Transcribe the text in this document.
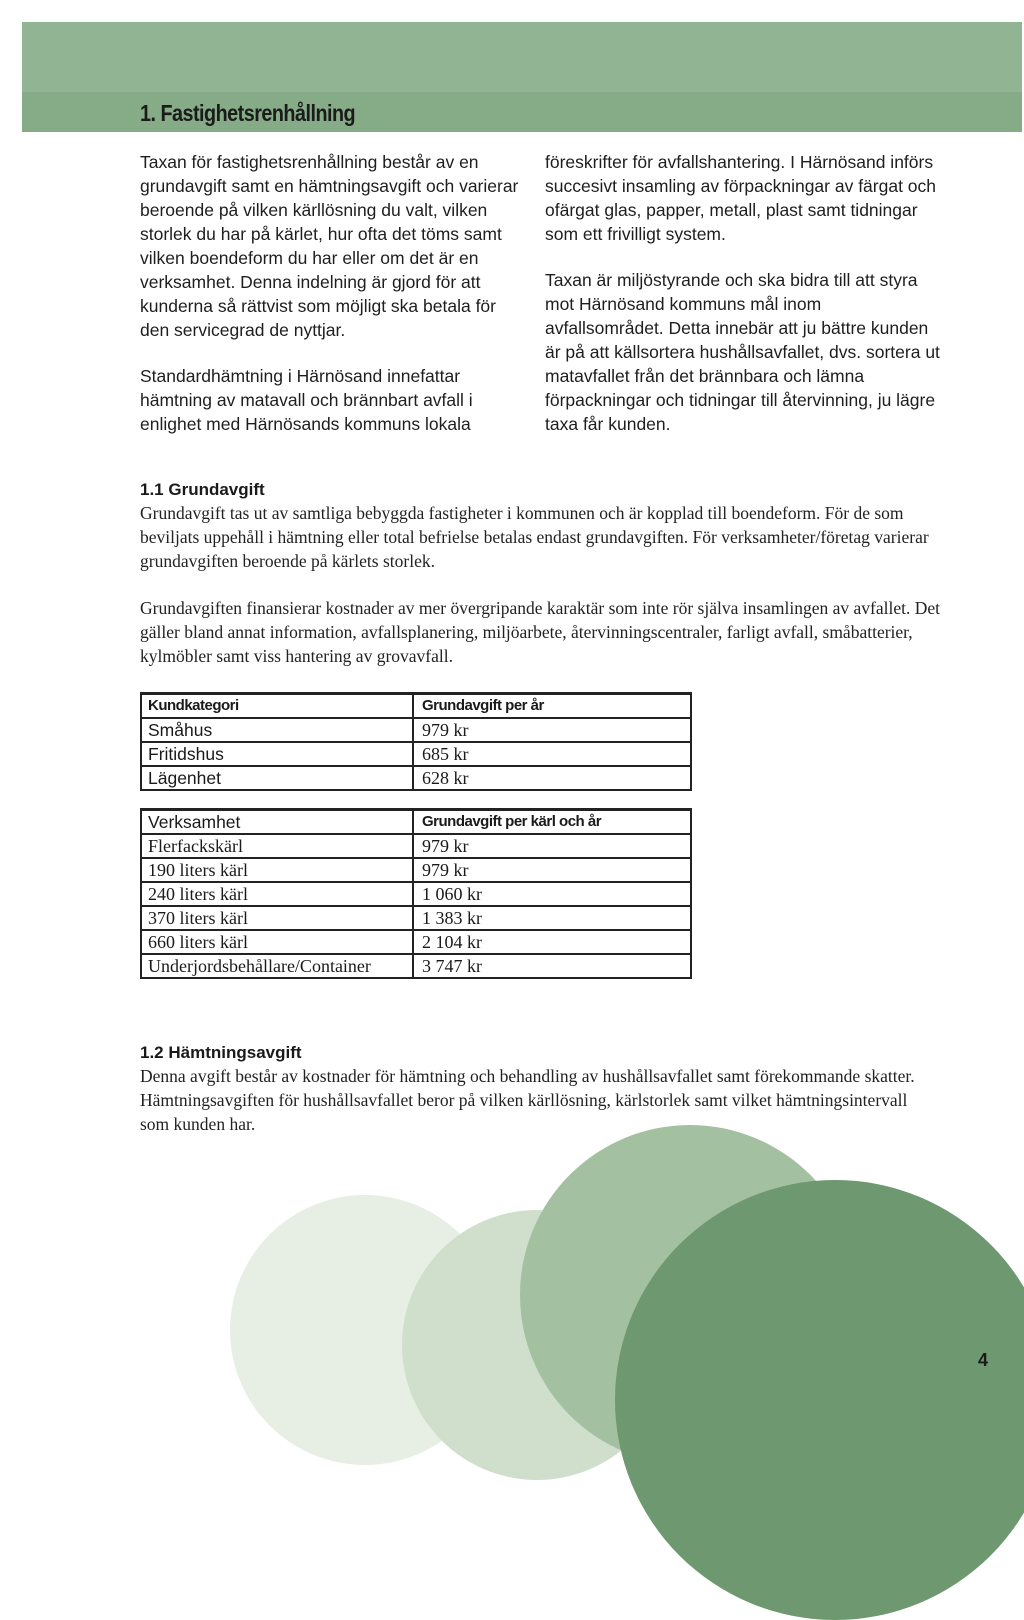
1. Fastighetsrenhållning

Taxan för fastighetsrenhållning består av en grundavgift samt en hämtningsavgift och varierar beroende på vilken kärllösning du valt, vilken storlek du har på kärlet, hur ofta det töms samt vilken boendeform du har eller om det är en verksamhet. Denna indelning är gjord för att kunderna så rättvist som möjligt ska betala för den servicegrad de nyttjar.

Standardhämtning i Härnösand innefattar hämtning av matavall och brännbart avfall i enlighet med Härnösands kommuns lokala

föreskrifter för avfallshantering. I Härnösand införs succesivt insamling av förpackningar av färgat och ofärgat glas, papper, metall, plast samt tidningar som ett frivilligt system.

Taxan är miljöstyrande och ska bidra till att styra mot Härnösand kommuns mål inom avfallsområdet. Detta innebär att ju bättre kunden är på att källsortera hushållsavfallet, dvs. sortera ut matavfallet från det brännbara och lämna förpackningar och tidningar till återvinning, ju lägre taxa får kunden.

1.1 Grundavgift

Grundavgift tas ut av samtliga bebyggda fastigheter i kommunen och är kopplad till boendeform. För de som beviljats uppehåll i hämtning eller total befrielse betalas endast grundavgiften. För verksamheter/företag varierar grundavgiften beroende på kärlets storlek.

Grundavgiften finansierar kostnader av mer övergripande karaktär som inte rör själva insamlingen av avfallet. Det gäller bland annat information, avfallsplanering, miljöarbete, återvinningscentraler, farligt avfall, småbatterier, kylmöbler samt viss hantering av grovavfall.

Kundkategori	Grundavgift per år
Småhus	979 kr
Fritidshus	685 kr
Lägenhet	628 kr
Verksamhet	Grundavgift per kärl och år
Flerfackskärl	979 kr
190 liters kärl	979 kr
240 liters kärl	1 060 kr
370 liters kärl	1 383 kr
660 liters kärl	2 104 kr
Underjordsbehållare/Container	3 747 kr
1.2 Hämtningsavgift

Denna avgift består av kostnader för hämtning och behandling av hushållsavfallet samt förekommande skatter. Hämtningsavgiften för hushållsavfallet beror på vilken kärllösning, kärlstorlek samt vilket hämtningsintervall som kunden har.

4
